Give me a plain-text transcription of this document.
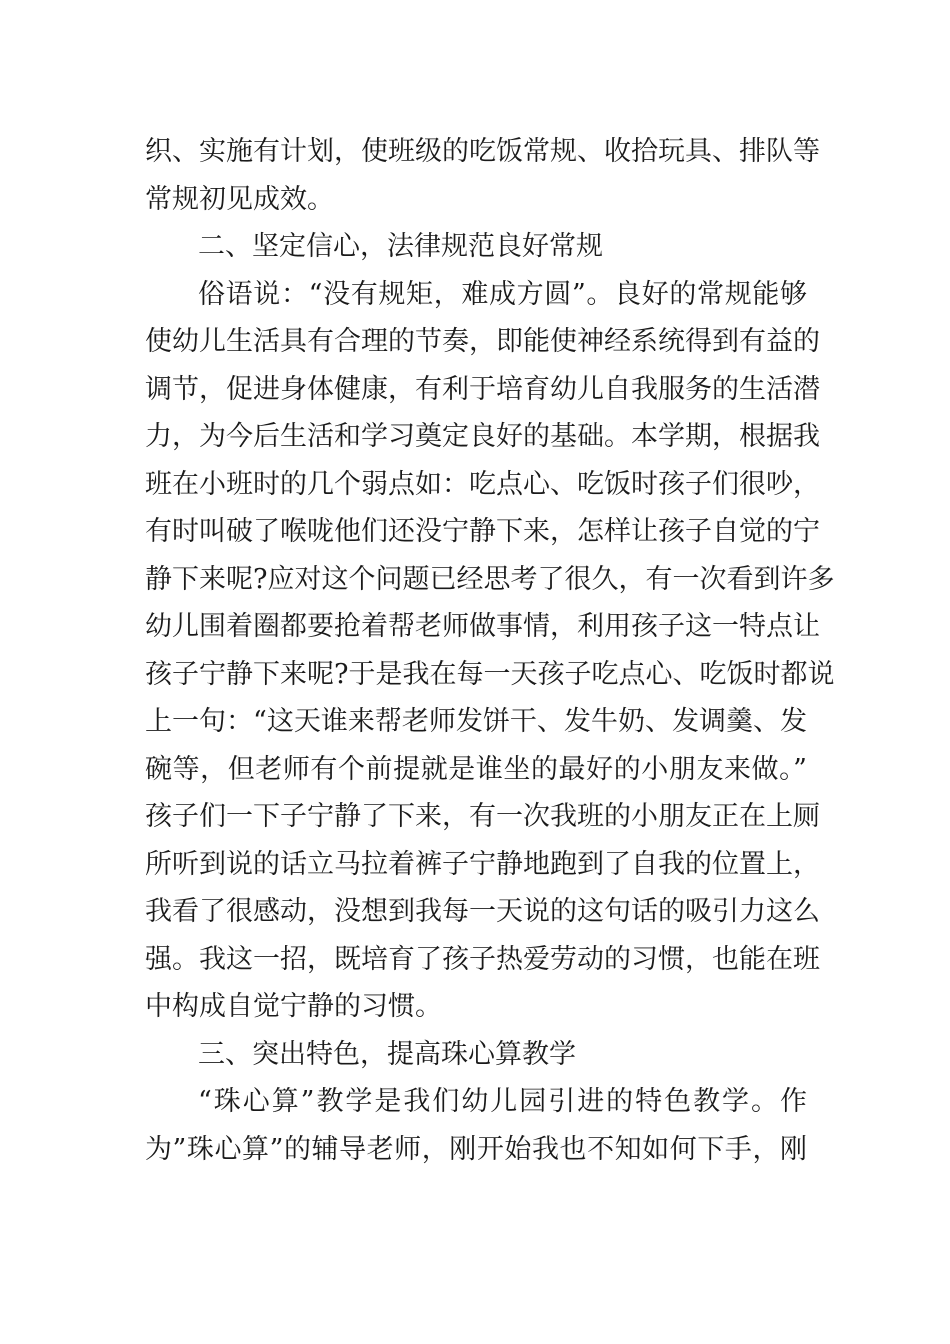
织、实施有计划，使班级的吃饭常规、收拾玩具、排队等
常规初见成效。
二、坚定信心，法律规范良好常规
俗语说：“没有规矩，难成方圆”。良好的常规能够
使幼儿生活具有合理的节奏，即能使神经系统得到有益的
调节，促进身体健康，有利于培育幼儿自我服务的生活潜
力，为今后生活和学习奠定良好的基础。本学期，根据我
班在小班时的几个弱点如：吃点心、吃饭时孩子们很吵，
有时叫破了喉咙他们还没宁静下来，怎样让孩子自觉的宁
静下来呢?应对这个问题已经思考了很久，有一次看到许多
幼儿围着圈都要抢着帮老师做事情，利用孩子这一特点让
孩子宁静下来呢?于是我在每一天孩子吃点心、吃饭时都说
上一句：“这天谁来帮老师发饼干、发牛奶、发调羹、发
碗等，但老师有个前提就是谁坐的最好的小朋友来做。”
孩子们一下子宁静了下来，有一次我班的小朋友正在上厕
所听到说的话立马拉着裤子宁静地跑到了自我的位置上，
我看了很感动，没想到我每一天说的这句话的吸引力这么
强。我这一招，既培育了孩子热爱劳动的习惯，也能在班
中构成自觉宁静的习惯。
三、突出特色，提高珠心算教学
“珠心算”教学是我们幼儿园引进的特色教学。作
为”珠心算”的辅导老师，刚开始我也不知如何下手，刚
